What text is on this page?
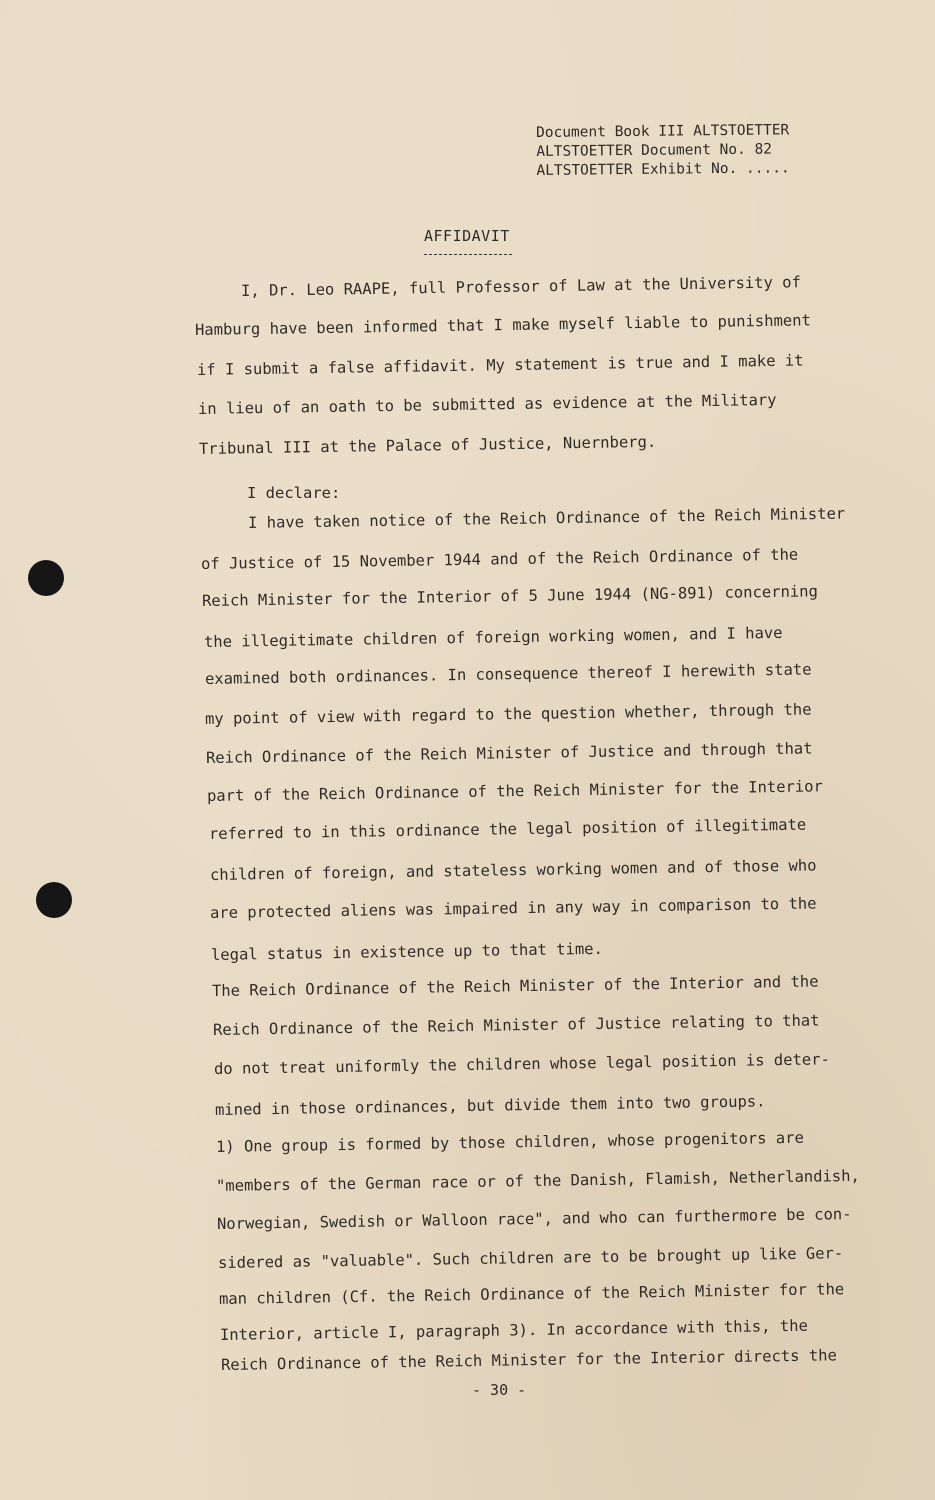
Document Book III ALTSTOETTER
ALTSTOETTER Document No. 82
ALTSTOETTER Exhibit No. .....
AFFIDAVIT
I, Dr. Leo RAAPE, full Professor of Law at the University of
Hamburg have been informed that I make myself liable to punishment
if I submit a false affidavit. My statement is true and I make it
in lieu of an oath to be submitted as evidence at the Military
Tribunal III at the Palace of Justice, Nuernberg.
I declare:
I have taken notice of the Reich Ordinance of the Reich Minister
of Justice of 15 November 1944 and of the Reich Ordinance of the
Reich Minister for the Interior of 5 June 1944 (NG-891) concerning
the illegitimate children of foreign working women, and I have
examined both ordinances. In consequence thereof I herewith state
my point of view with regard to the question whether, through the
Reich Ordinance of the Reich Minister of Justice and through that
part of the Reich Ordinance of the Reich Minister for the Interior
referred to in this ordinance the legal position of illegitimate
children of foreign, and stateless working women and of those who
are protected aliens was impaired in any way in comparison to the
legal status in existence up to that time.
The Reich Ordinance of the Reich Minister of the Interior and the
Reich Ordinance of the Reich Minister of Justice relating to that
do not treat uniformly the children whose legal position is deter-
mined in those ordinances, but divide them into two groups.
1) One group is formed by those children, whose progenitors are
"members of the German race or of the Danish, Flamish, Netherlandish,
Norwegian, Swedish or Walloon race", and who can furthermore be con-
sidered as "valuable". Such children are to be brought up like Ger-
man children (Cf. the Reich Ordinance of the Reich Minister for the
Interior, article I, paragraph 3). In accordance with this, the
Reich Ordinance of the Reich Minister for the Interior directs the
- 30 -
